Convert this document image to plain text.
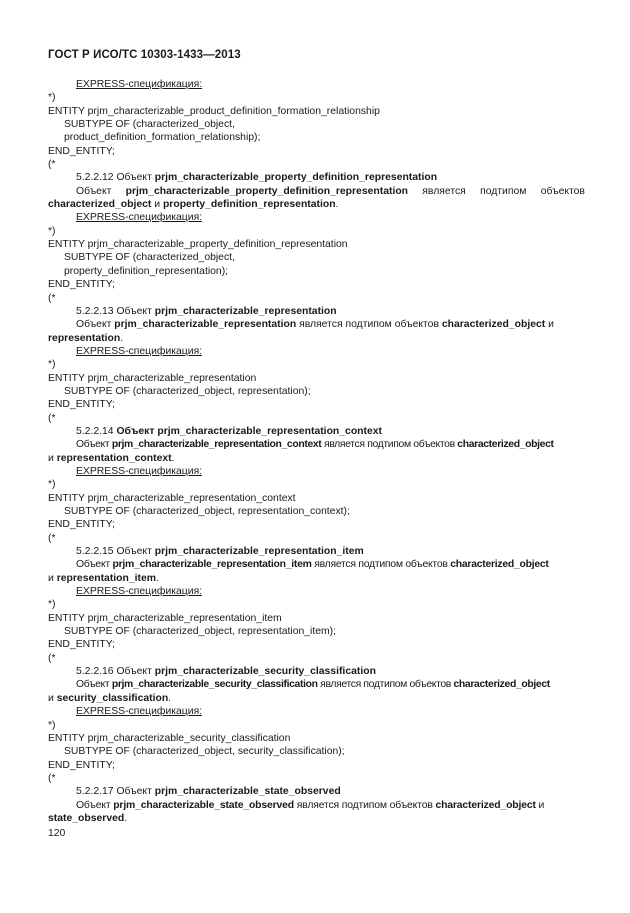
ГОСТ Р ИСО/ТС 10303-1433—2013
EXPRESS-спецификация:
*)
ENTITY prjm_characterizable_product_definition_formation_relationship
SUBTYPE OF (characterized_object,
product_definition_formation_relationship);
END_ENTITY;
(*
5.2.2.12 Объект prjm_characterizable_property_definition_representation
Объект prjm_characterizable_property_definition_representation является подтипом объектов
characterized_object и property_definition_representation.
EXPRESS-спецификация:
*)
ENTITY prjm_characterizable_property_definition_representation
SUBTYPE OF (characterized_object,
property_definition_representation);
END_ENTITY;
(*
5.2.2.13 Объект prjm_characterizable_representation
Объект prjm_characterizable_representation является подтипом объектов characterized_object и
representation.
EXPRESS-спецификация:
*)
ENTITY prjm_characterizable_representation
SUBTYPE OF (characterized_object, representation);
END_ENTITY;
(*
5.2.2.14 Объект prjm_characterizable_representation_context
Объект prjm_characterizable_representation_context является подтипом объектов characterized_object
и representation_context.
EXPRESS-спецификация:
*)
ENTITY prjm_characterizable_representation_context
SUBTYPE OF (characterized_object, representation_context);
END_ENTITY;
(*
5.2.2.15 Объект prjm_characterizable_representation_item
Объект prjm_characterizable_representation_item является подтипом объектов characterized_object
и representation_item.
EXPRESS-спецификация:
*)
ENTITY prjm_characterizable_representation_item
SUBTYPE OF (characterized_object, representation_item);
END_ENTITY;
(*
5.2.2.16 Объект prjm_characterizable_security_classification
Объект prjm_characterizable_security_classification является подтипом объектов characterized_object
и security_classification.
EXPRESS-спецификация:
*)
ENTITY prjm_characterizable_security_classification
SUBTYPE OF (characterized_object, security_classification);
END_ENTITY;
(*
5.2.2.17 Объект prjm_characterizable_state_observed
Объект prjm_characterizable_state_observed является подтипом объектов characterized_object и
state_observed.
120
